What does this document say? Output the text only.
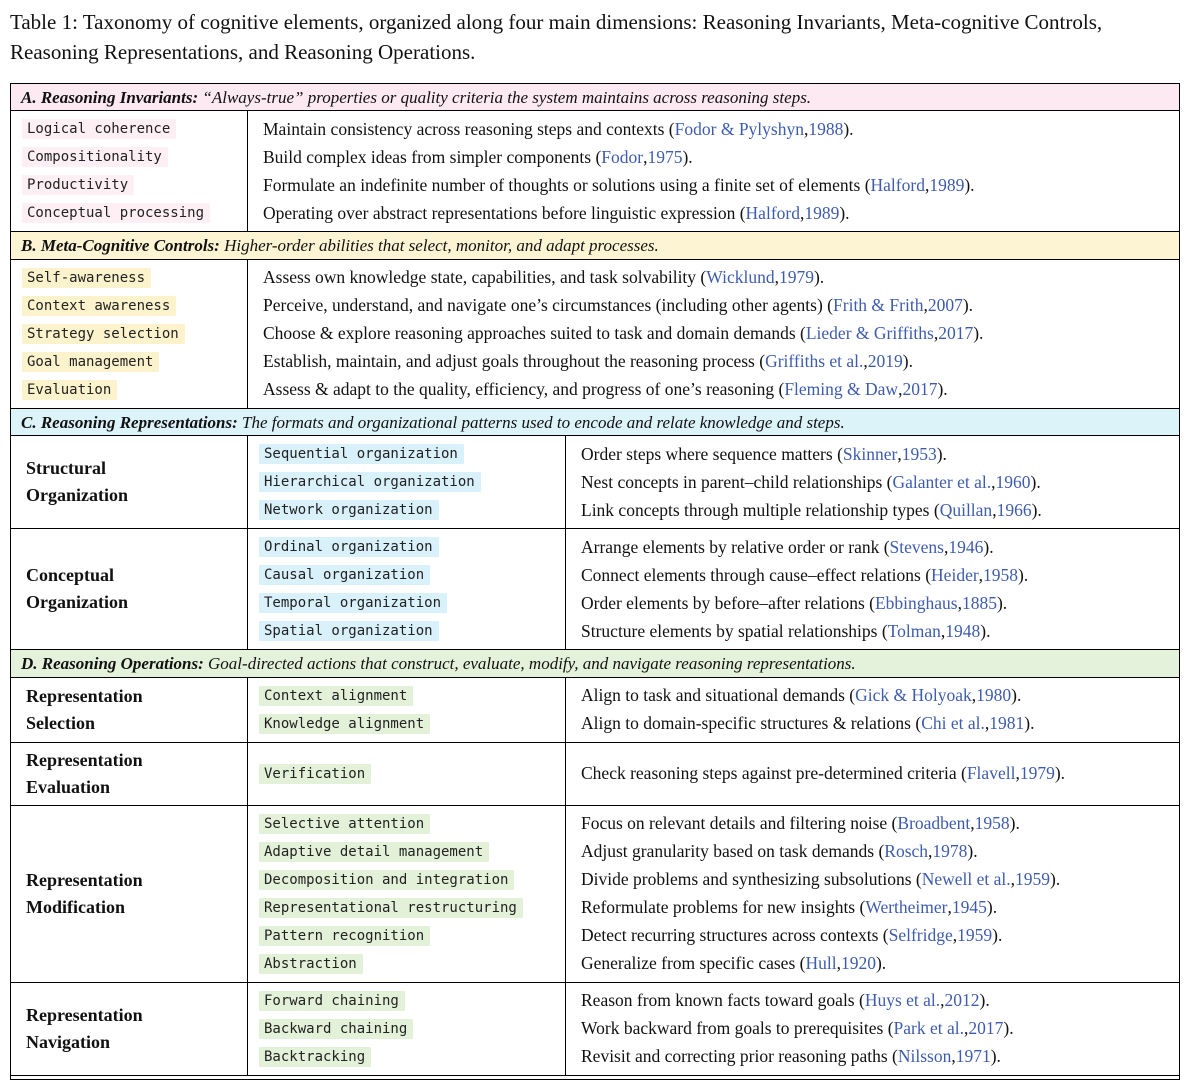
Table 1: Taxonomy of cognitive elements, organized along four main dimensions: Reasoning Invariants, Meta-cognitive Controls, Reasoning Representations, and Reasoning Operations.
A. Reasoning Invariants: “Always-true” properties or quality criteria the system maintains across reasoning steps.
Logical coherence
Compositionality
Productivity
Conceptual processing
Maintain consistency across reasoning steps and contexts ( Fodor & Pylyshyn , 1988 ).
Build complex ideas from simpler components ( Fodor , 1975 ).
Formulate an indefinite number of thoughts or solutions using a finite set of elements ( Halford , 1989 ).
Operating over abstract representations before linguistic expression ( Halford , 1989 ).
B. Meta-Cognitive Controls: Higher-order abilities that select, monitor, and adapt processes.
Self-awareness
Context awareness
Strategy selection
Goal management
Evaluation
Assess own knowledge state, capabilities, and task solvability ( Wicklund , 1979 ).
Perceive, understand, and navigate one’s circumstances (including other agents) ( Frith & Frith , 2007 ).
Choose & explore reasoning approaches suited to task and domain demands ( Lieder & Griffiths , 2017 ).
Establish, maintain, and adjust goals throughout the reasoning process ( Griffiths et al. , 2019 ).
Assess & adapt to the quality, efficiency, and progress of one’s reasoning ( Fleming & Daw , 2017 ).
C. Reasoning Representations: The formats and organizational patterns used to encode and relate knowledge and steps.
Structural
Organization
Sequential organization
Hierarchical organization
Network organization
Order steps where sequence matters ( Skinner , 1953 ).
Nest concepts in parent–child relationships ( Galanter et al. , 1960 ).
Link concepts through multiple relationship types ( Quillan , 1966 ).
Conceptual
Organization
Ordinal organization
Causal organization
Temporal organization
Spatial organization
Arrange elements by relative order or rank ( Stevens , 1946 ).
Connect elements through cause–effect relations ( Heider , 1958 ).
Order elements by before–after relations ( Ebbinghaus , 1885 ).
Structure elements by spatial relationships ( Tolman , 1948 ).
D. Reasoning Operations: Goal-directed actions that construct, evaluate, modify, and navigate reasoning representations.
Representation
Selection
Context alignment
Knowledge alignment
Align to task and situational demands ( Gick & Holyoak , 1980 ).
Align to domain-specific structures & relations ( Chi et al. , 1981 ).
Representation
Evaluation
Verification	Check reasoning steps against pre-determined criteria ( Flavell , 1979 ).
Representation
Modification
Selective attention
Adaptive detail management
Decomposition and integration
Representational restructuring
Pattern recognition
Abstraction
Focus on relevant details and filtering noise ( Broadbent , 1958 ).
Adjust granularity based on task demands ( Rosch , 1978 ).
Divide problems and synthesizing subsolutions ( Newell et al. , 1959 ).
Reformulate problems for new insights ( Wertheimer , 1945 ).
Detect recurring structures across contexts ( Selfridge , 1959 ).
Generalize from specific cases ( Hull , 1920 ).
Representation
Navigation
Forward chaining
Backward chaining
Backtracking
Reason from known facts toward goals ( Huys et al. , 2012 ).
Work backward from goals to prerequisites ( Park et al. , 2017 ).
Revisit and correcting prior reasoning paths ( Nilsson , 1971 ).
